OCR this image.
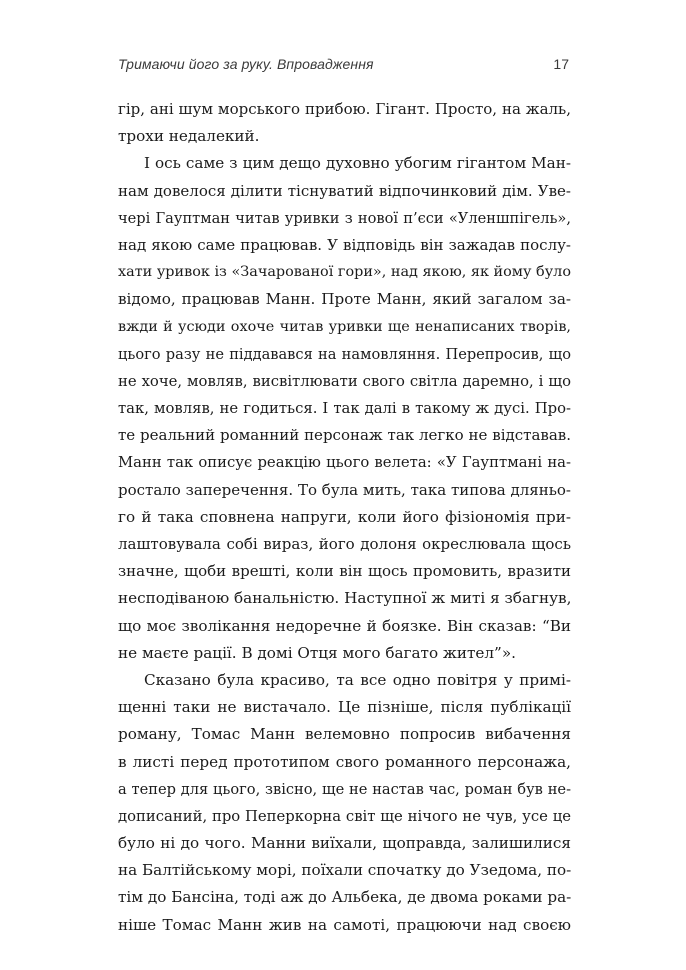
Тримаючи його за руку. Впровадження	17
гір, ані шум морського прибою. Гігант. Просто, на жаль,
трохи недалекий.
І ось саме з цим дещо духовно убогим гігантом Ман-
нам довелося ділити тіснуватий відпочинковий дім. Уве-
чері Гауптман читав уривки з нової п’єси «Уленшпігель»,
над якою саме працював. У відповідь він зажадав послу-
хати уривок із «Зачарованої гори», над якою, як йому було
відомо, працював Манн. Проте Манн, який загалом за-
вжди й усюди охоче читав уривки ще ненаписаних творів,
цього разу не піддавався на намовляння. Перепросив, що
не хоче, мовляв, висвітлювати свого світла даремно, і що
так, мовляв, не годиться. І так далі в такому ж дусі. Про-
те реальний романний персонаж так легко не відставав.
Манн так описує реакцію цього велета: «У Гауптмані на-
ростало заперечення. То була мить, така типова дляньо-
го й така сповнена напруги, коли його фізіономія при-
лаштовувала собі вираз, його долоня окреслювала щось
значне, щоби врешті, коли він щось промовить, вразити
несподіваною банальністю. Наступної ж миті я збагнув,
що моє зволікання недоречне й боязке. Він сказав: “Ви
не маєте рації. В домі Отця мого багато жител”».
Сказано була красиво, та все одно повітря у примі-
щенні таки не вистачало. Це пізніше, після публікації
роману, Томас Манн велемовно попросив вибачення
в листі перед прототипом свого романного персонажа,
а тепер для цього, звісно, ще не настав час, роман був не-
дописаний, про Пеперкорна світ ще нічого не чув, усе це
було ні до чого. Манни виїхали, щоправда, залишилися
на Балтійському морі, поїхали спочатку до Узедома, по-
тім до Бансіна, тоді аж до Альбека, де двома роками ра-
ніше Томас Манн жив на самоті, працюючи над своєю
